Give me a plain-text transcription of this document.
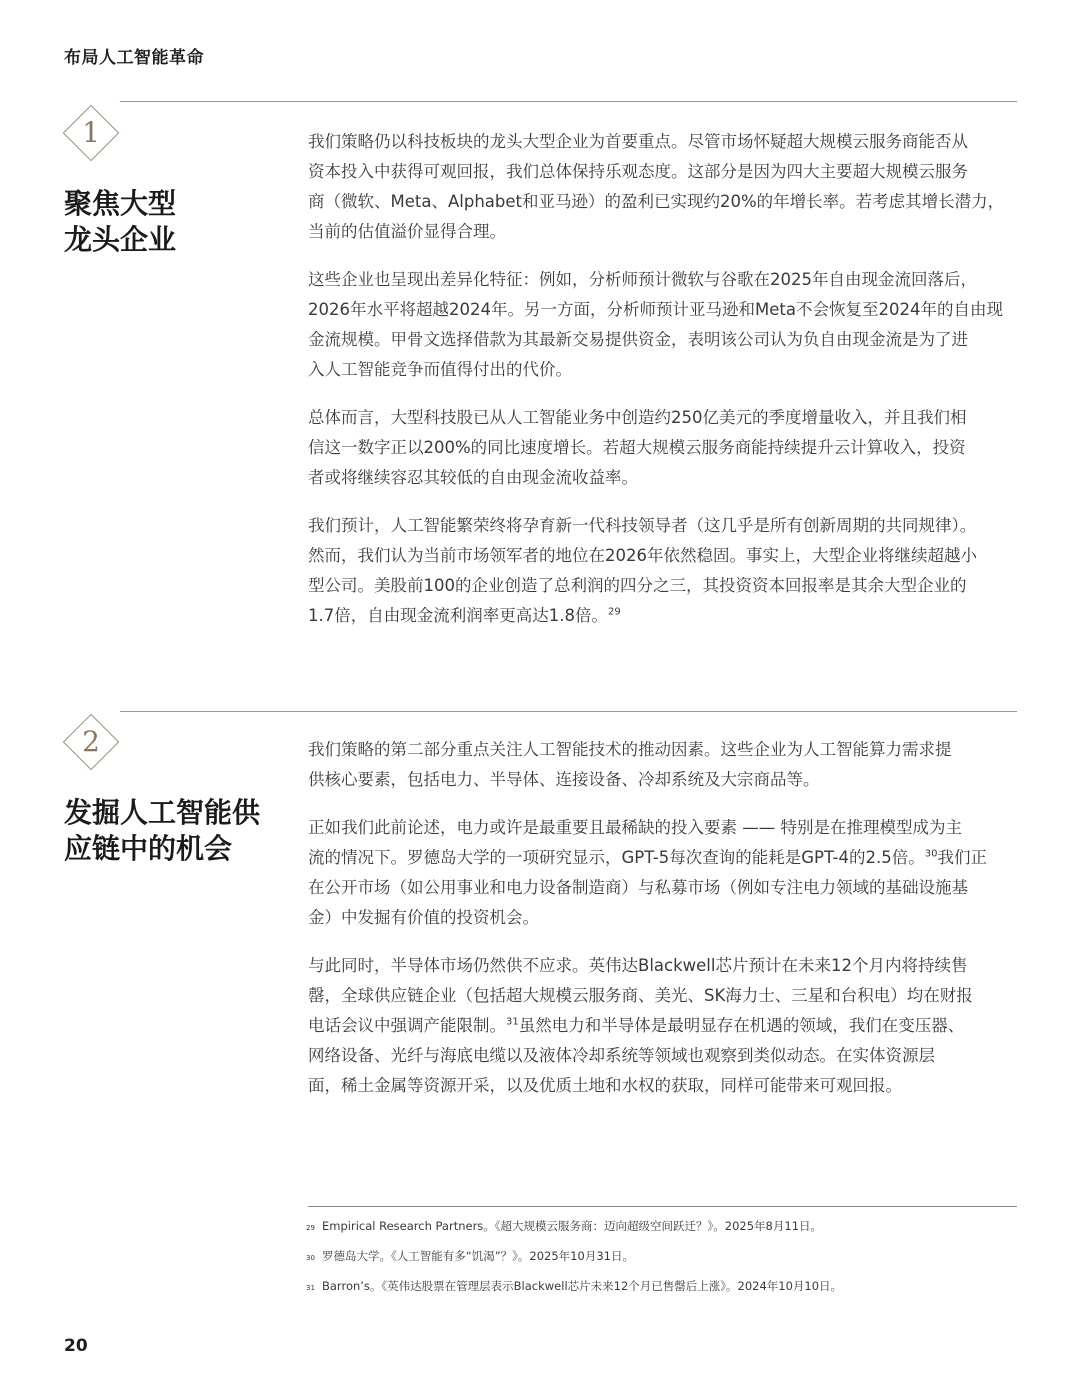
布局人工智能革命
1
聚焦大型
龙头企业

我们策略仍以科技板块的龙头大型企业为首要重点。尽管市场怀疑超大规模云服务商能否从
资本投入中获得可观回报，我们总体保持乐观态度。这部分是因为四大主要超大规模云服务
商（微软、Meta、Alphabet和亚马逊）的盈利已实现约20%的年增长率。若考虑其增长潜力，
当前的估值溢价显得合理。

这些企业也呈现出差异化特征：例如，分析师预计微软与谷歌在2025年自由现金流回落后，
2026年水平将超越2024年。另一方面，分析师预计亚马逊和Meta不会恢复至2024年的自由现
金流规模。甲骨文选择借款为其最新交易提供资金，表明该公司认为负自由现金流是为了进
入人工智能竞争而值得付出的代价。

总体而言，大型科技股已从人工智能业务中创造约250亿美元的季度增量收入，并且我们相
信这一数字正以200%的同比速度增长。若超大规模云服务商能持续提升云计算收入，投资
者或将继续容忍其较低的自由现金流收益率。

我们预计，人工智能繁荣终将孕育新一代科技领导者（这几乎是所有创新周期的共同规律）。
然而，我们认为当前市场领军者的地位在2026年依然稳固。事实上，大型企业将继续超越小
型公司。美股前100的企业创造了总利润的四分之三，其投资资本回报率是其余大型企业的
1.7倍，自由现金流利润率更高达1.8倍。$^{29}$

2
发掘人工智能供
应链中的机会

我们策略的第二部分重点关注人工智能技术的推动因素。这些企业为人工智能算力需求提
供核心要素，包括电力、半导体、连接设备、冷却系统及大宗商品等。

正如我们此前论述，电力或许是最重要且最稀缺的投入要素 —— 特别是在推理模型成为主
流的情况下。罗德岛大学的一项研究显示，GPT-5每次查询的能耗是GPT-4的2.5倍。$^{30}$我们正
在公开市场（如公用事业和电力设备制造商）与私募市场（例如专注电力领域的基础设施基
金）中发掘有价值的投资机会。

与此同时，半导体市场仍然供不应求。英伟达Blackwell芯片预计在未来12个月内将持续售
罄，全球供应链企业（包括超大规模云服务商、美光、SK海力士、三星和台积电）均在财报
电话会议中强调产能限制。$^{31}$虽然电力和半导体是最明显存在机遇的领域，我们在变压器、
网络设备、光纤与海底电缆以及液体冷却系统等领域也观察到类似动态。在实体资源层
面，稀土金属等资源开采，以及优质土地和水权的获取，同样可能带来可观回报。

29 Empirical Research Partners。《超大规模云服务商：迈向超级空间跃迁？》。2025年8月11日。
30 罗德岛大学。《人工智能有多“饥渴”？》。2025年10月31日。
31 Barron’s。《英伟达股票在管理层表示Blackwell芯片未来12个月已售罄后上涨》。2024年10月10日。
20
